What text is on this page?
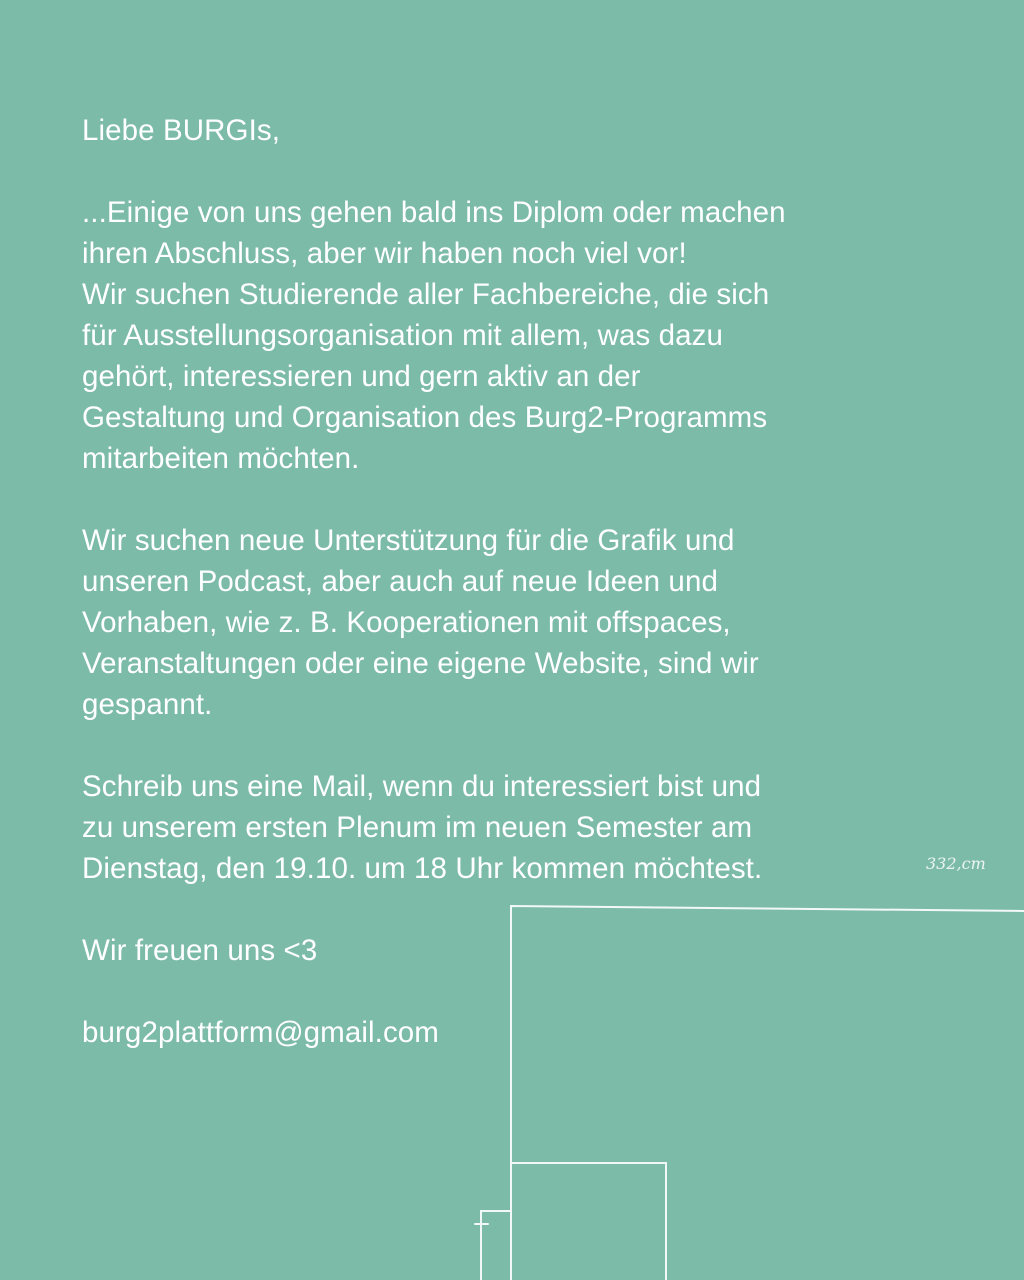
332,cm
Liebe BURGIs,
...Einige von uns gehen bald ins Diplom oder machen
ihren Abschluss, aber wir haben noch viel vor!
Wir suchen Studierende aller Fachbereiche, die sich
für Ausstellungsorganisation mit allem, was dazu
gehört, interessieren und gern aktiv an der
Gestaltung und Organisation des Burg2-Programms
mitarbeiten möchten.
Wir suchen neue Unterstützung für die Grafik und
unseren Podcast, aber auch auf neue Ideen und
Vorhaben, wie z. B. Kooperationen mit offspaces,
Veranstaltungen oder eine eigene Website, sind wir
gespannt.
Schreib uns eine Mail, wenn du interessiert bist und
zu unserem ersten Plenum im neuen Semester am
Dienstag, den 19.10. um 18 Uhr kommen möchtest.
Wir freuen uns <3
burg2plattform@gmail.com
